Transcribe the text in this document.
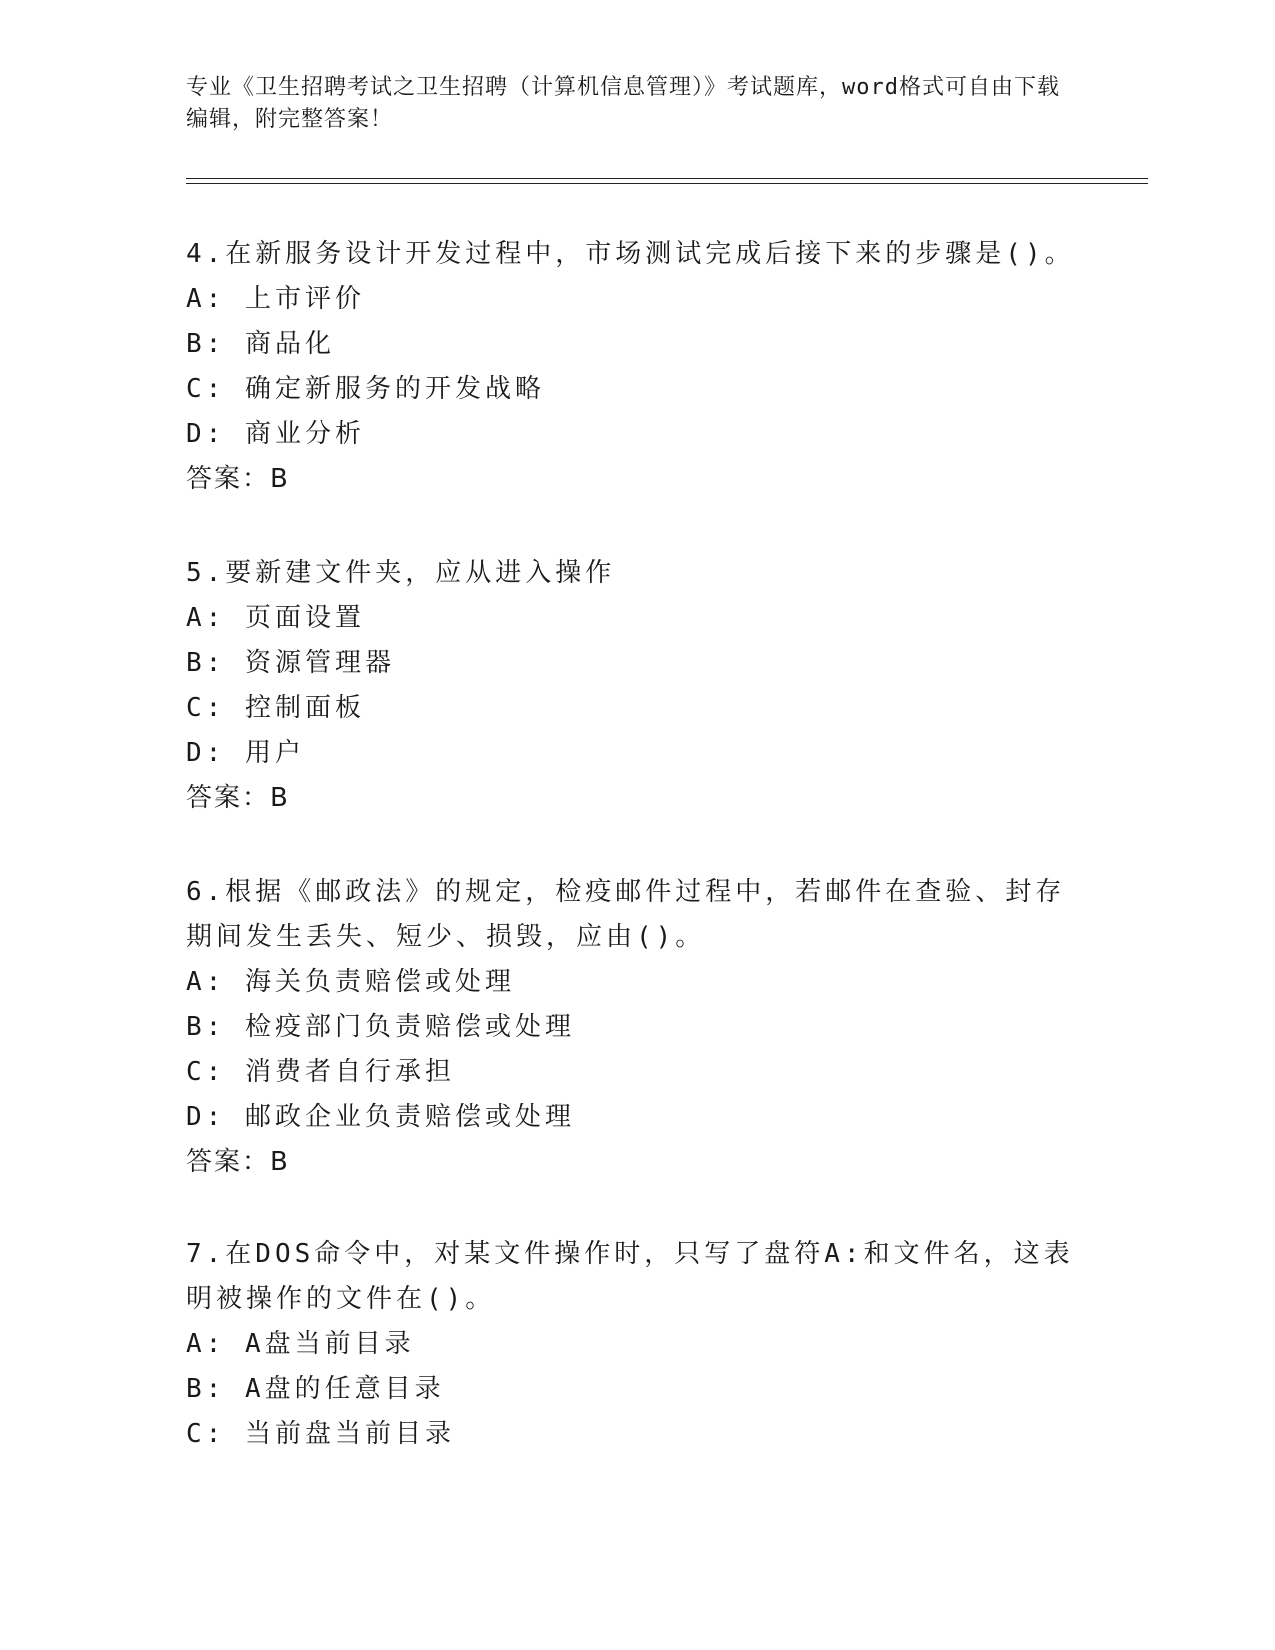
专业《卫生招聘考试之卫生招聘（计算机信息管理）》考试题库，word格式可自由下载编辑，附完整答案！
4.在新服务设计开发过程中，市场测试完成后接下来的步骤是()。
A: 上市评价
B: 商品化
C: 确定新服务的开发战略
D: 商业分析
答案：B
5.要新建文件夹，应从进入操作
A: 页面设置
B: 资源管理器
C: 控制面板
D: 用户
答案：B
6.根据《邮政法》的规定，检疫邮件过程中，若邮件在查验、封存期间发生丢失、短少、损毁，应由()。
A: 海关负责赔偿或处理
B: 检疫部门负责赔偿或处理
C: 消费者自行承担
D: 邮政企业负责赔偿或处理
答案：B
7.在DOS命令中，对某文件操作时，只写了盘符A:和文件名，这表明被操作的文件在()。
A: A盘当前目录
B: A盘的任意目录
C: 当前盘当前目录
